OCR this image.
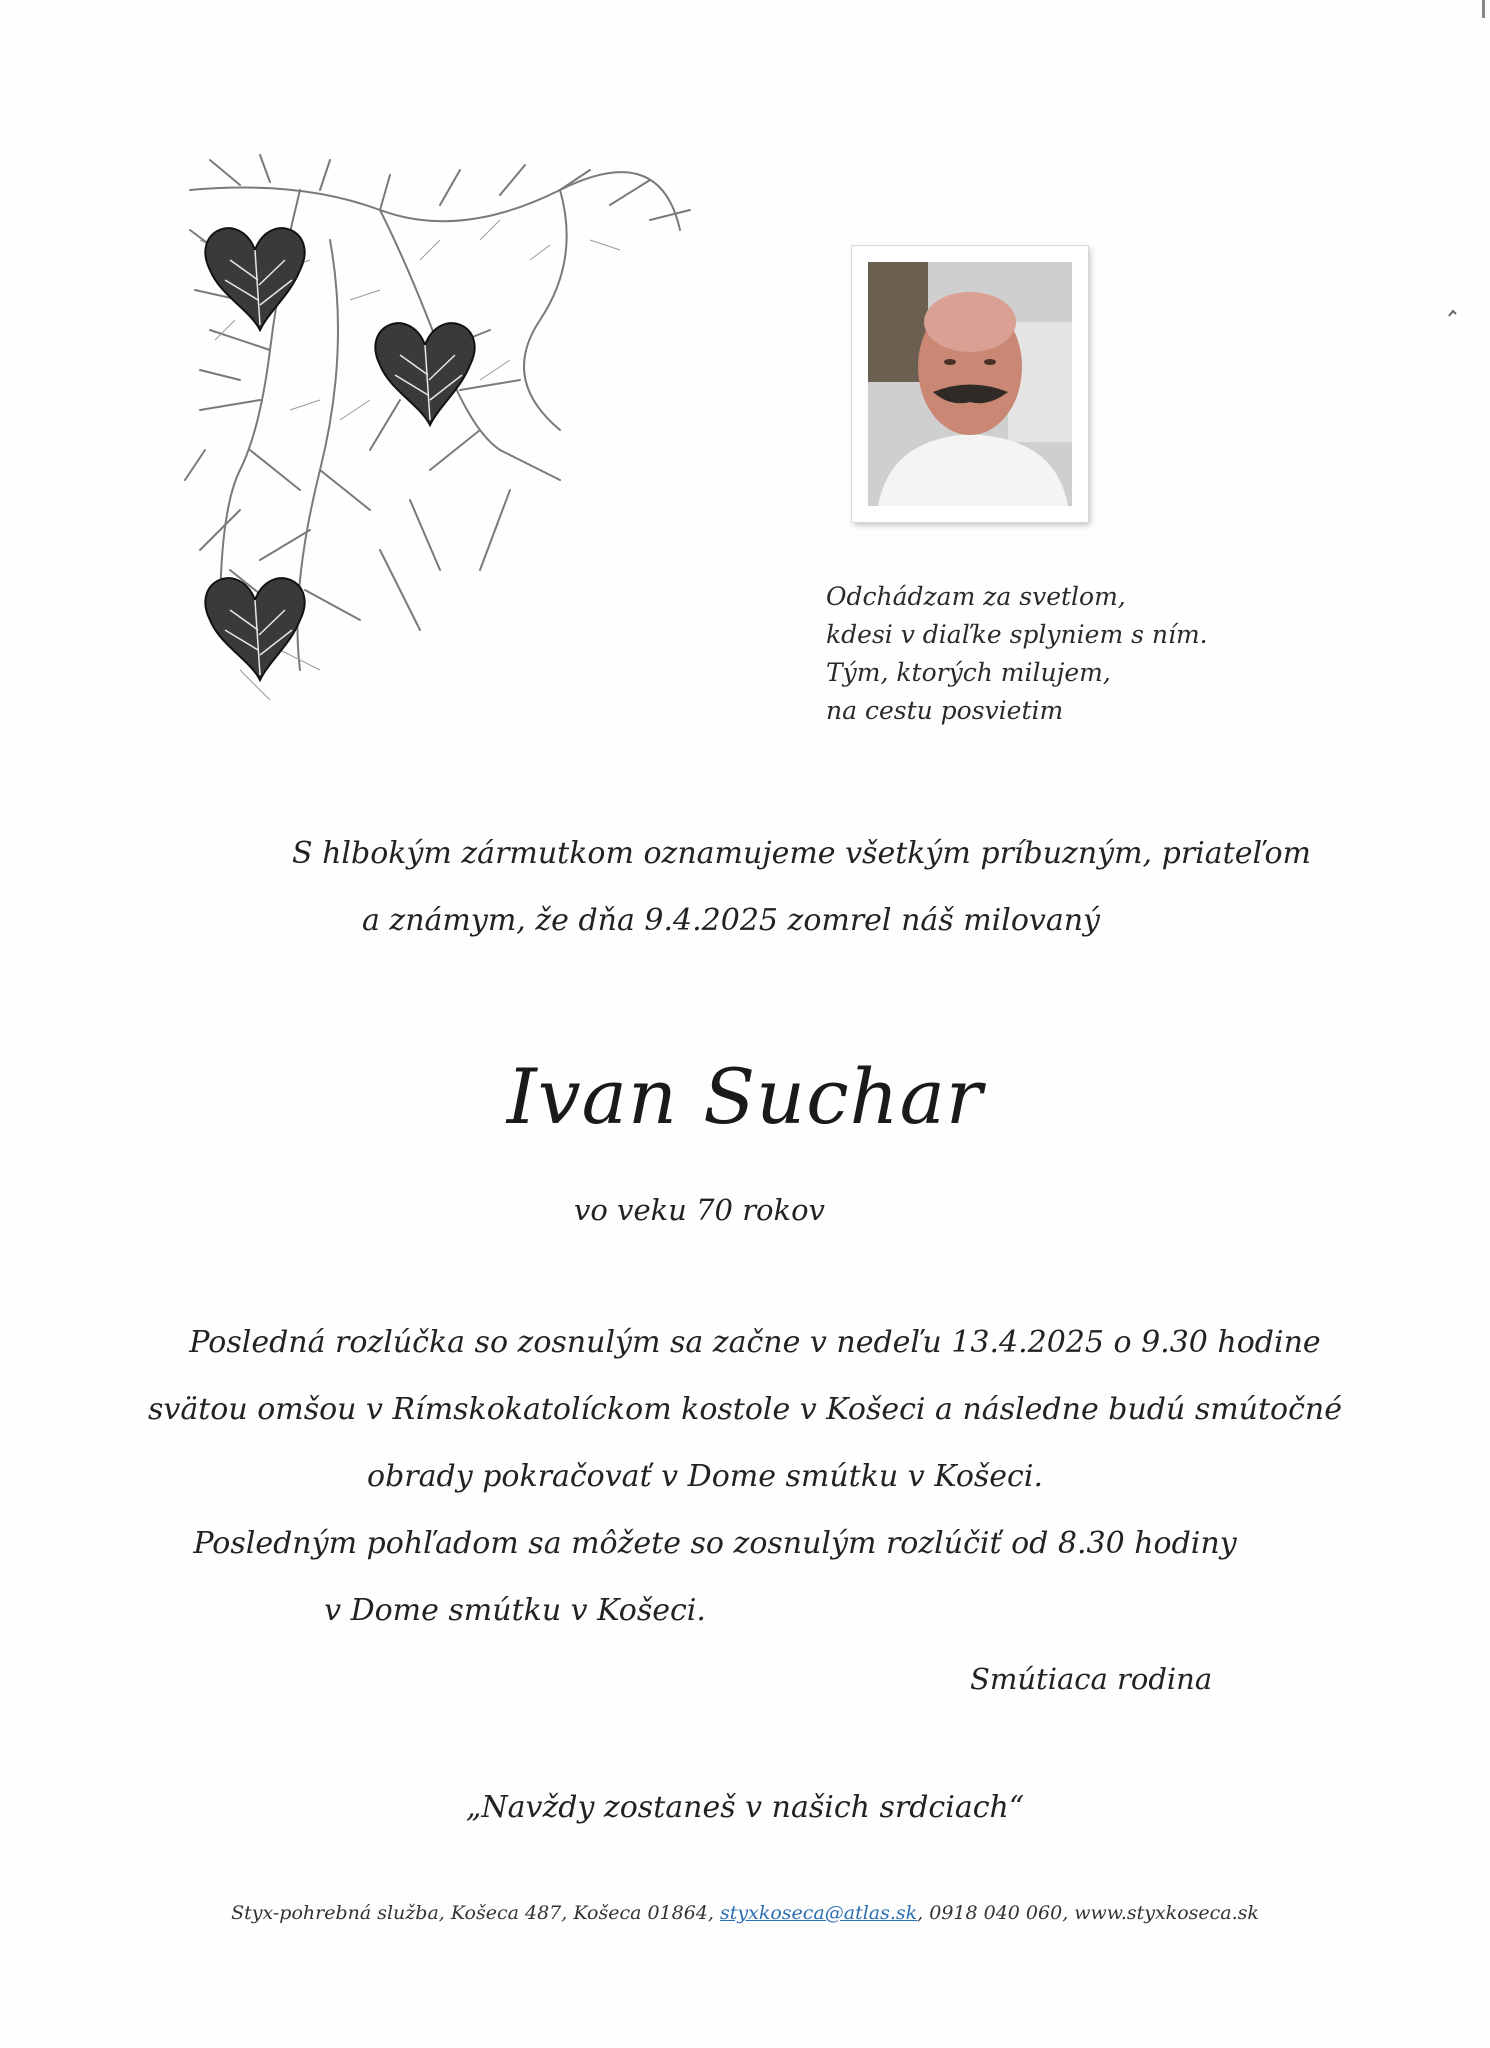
Odchádzam za svetlom,
kdesi v diaľke splyniem s ním.
Tým, ktorých milujem,
na cestu posvietim
S hlbokým zármutkom oznamujeme všetkým príbuzným, priateľom
a známym, že dňa 9.4.2025 zomrel náš milovaný
Ivan Suchar
vo veku 70 rokov
Posledná rozlúčka so zosnulým sa začne v nedeľu 13.4.2025 o 9.30 hodine
svätou omšou v Rímskokatolíckom kostole v Košeci a následne budú smútočné
obrady pokračovať v Dome smútku v Košeci.
Posledným pohľadom sa môžete so zosnulým rozlúčiť od 8.30 hodiny
v Dome smútku v Košeci.
Smútiaca rodina
„Navždy zostaneš v našich srdciach“
Styx-pohrebná služba, Košeca 487, Košeca 01864, styxkoseca@atlas.sk, 0918 040 060, www.styxkoseca.sk
